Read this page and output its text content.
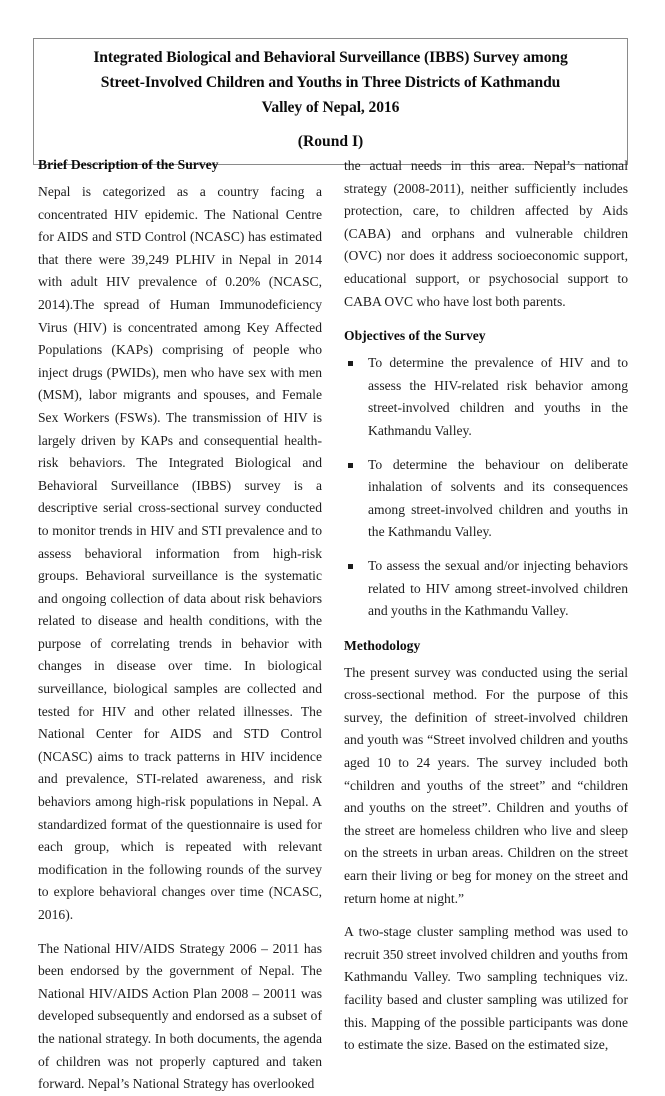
Integrated Biological and Behavioral Surveillance (IBBS) Survey among
Street-Involved Children and Youths in Three Districts of Kathmandu
Valley of Nepal, 2016
(Round I)
Brief Description of the Survey

Nepal is categorized as a country facing a concentrated HIV epidemic. The National Centre for AIDS and STD Control (NCASC) has estimated that there were 39,249 PLHIV in Nepal in 2014 with adult HIV prevalence of 0.20% (NCASC, 2014).The spread of Human Immunodeficiency Virus (HIV) is concentrated among Key Affected Populations (KAPs) comprising of people who inject drugs (PWIDs), men who have sex with men (MSM), labor migrants and spouses, and Female Sex Workers (FSWs). The transmission of HIV is largely driven by KAPs and consequential health-risk behaviors. The Integrated Biological and Behavioral Surveillance (IBBS) survey is a descriptive serial cross-sectional survey conducted to monitor trends in HIV and STI prevalence and to assess behavioral information from high-risk groups. Behavioral surveillance is the systematic and ongoing collection of data about risk behaviors related to disease and health conditions, with the purpose of correlating trends in behavior with changes in disease over time. In biological surveillance, biological samples are collected and tested for HIV and other related illnesses. The National Center for AIDS and STD Control (NCASC) aims to track patterns in HIV incidence and prevalence, STI-related awareness, and risk behaviors among high-risk populations in Nepal. A standardized format of the questionnaire is used for each group, which is repeated with relevant modification in the following rounds of the survey to explore behavioral changes over time (NCASC, 2016).

The National HIV/AIDS Strategy 2006 – 2011 has been endorsed by the government of Nepal. The National HIV/AIDS Action Plan 2008 – 20011 was developed subsequently and endorsed as a subset of the national strategy. In both documents, the agenda of children was not properly captured and taken forward. Nepal’s National Strategy has overlooked

the actual needs in this area. Nepal’s national strategy (2008-2011), neither sufficiently includes protection, care, to children affected by Aids (CABA) and orphans and vulnerable children (OVC) nor does it address socioeconomic support, educational support, or psychosocial support to CABA OVC who have lost both parents.

Objectives of the Survey
To determine the prevalence of HIV and to assess the HIV-related risk behavior among street-involved children and youths in the Kathmandu Valley.
To determine the behaviour on deliberate inhalation of solvents and its consequences among street-involved children and youths in the Kathmandu Valley.
To assess the sexual and/or injecting behaviors related to HIV among street-involved children and youths in the Kathmandu Valley.
Methodology

The present survey was conducted using the serial cross-sectional method. For the purpose of this survey, the definition of street-involved children and youth was “Street involved children and youths aged 10 to 24 years. The survey included both “children and youths of the street” and “children and youths on the street”. Children and youths of the street are homeless children who live and sleep on the streets in urban areas. Children on the street earn their living or beg for money on the street and return home at night.”

A two-stage cluster sampling method was used to recruit 350 street involved children and youths from Kathmandu Valley. Two sampling techniques viz. facility based and cluster sampling was utilized for this. Mapping of the possible participants was done to estimate the size. Based on the estimated size,
